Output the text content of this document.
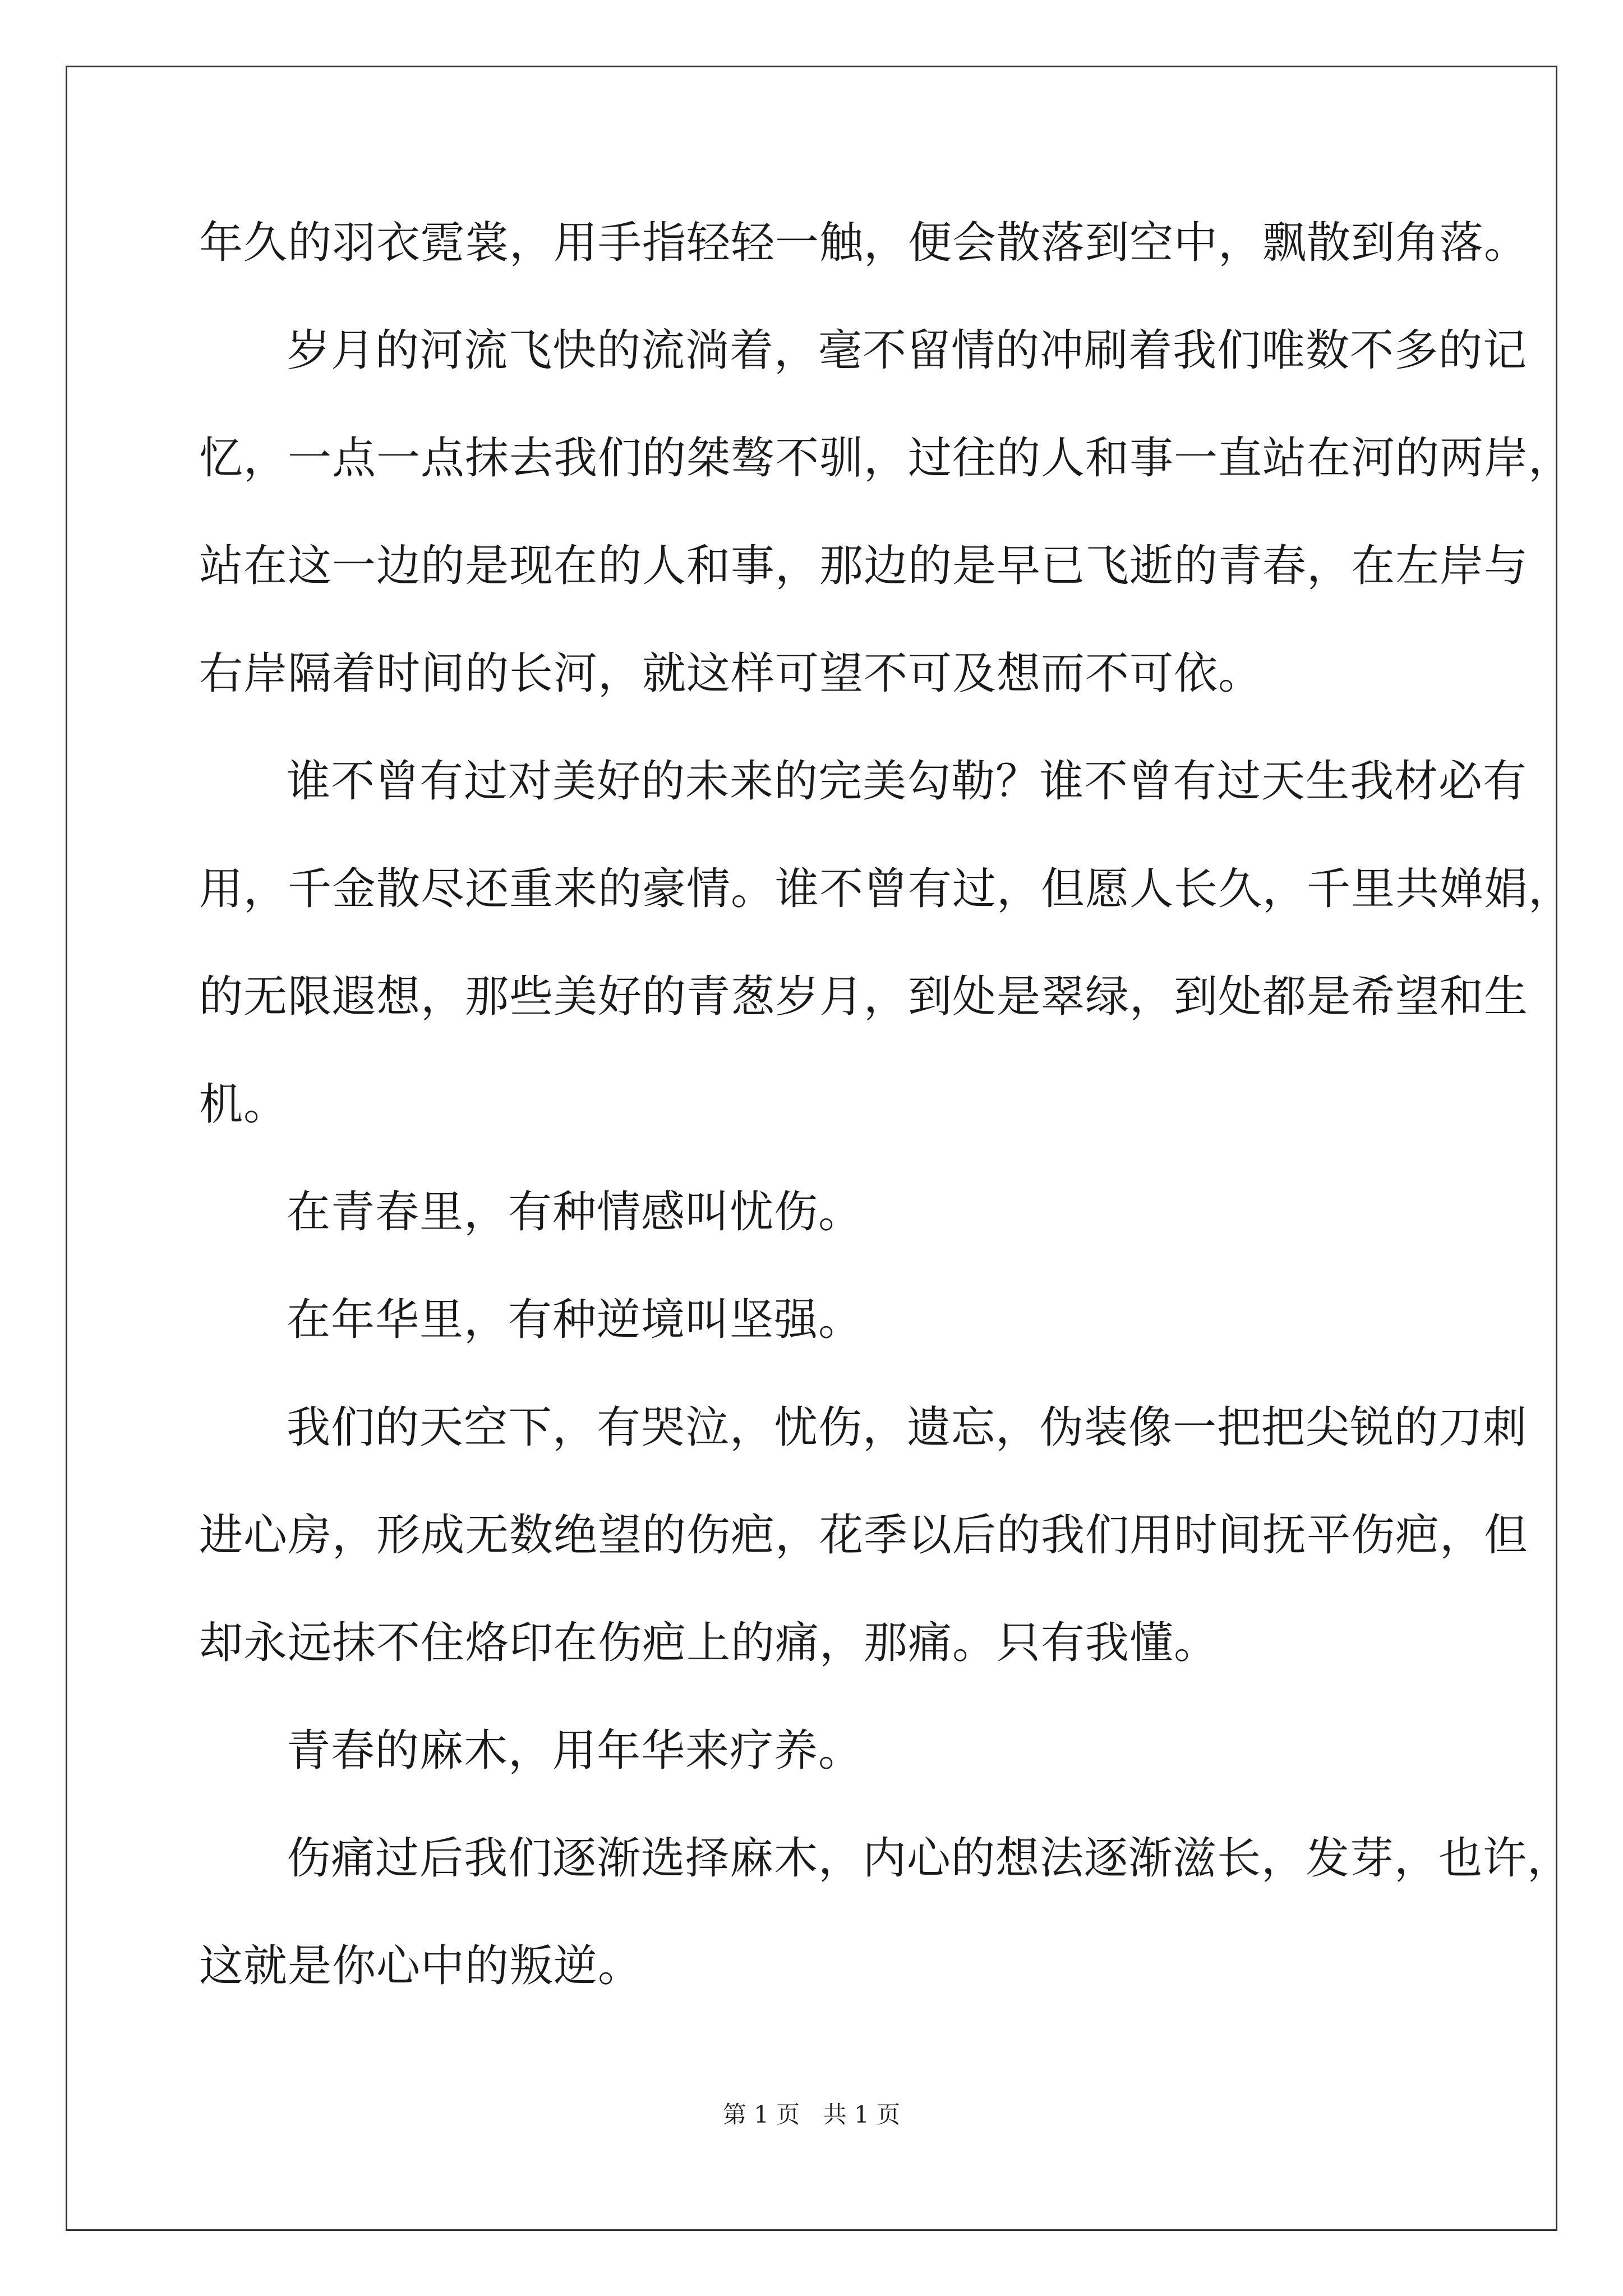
年久的羽衣霓裳，用手指轻轻一触，便会散落到空中，飘散到角落。
岁月的河流飞快的流淌着，毫不留情的冲刷着我们唯数不多的记
忆，一点一点抹去我们的桀骜不驯，过往的人和事一直站在河的两岸，
站在这一边的是现在的人和事，那边的是早已飞逝的青春，在左岸与
右岸隔着时间的长河，就这样可望不可及想而不可依。
谁不曾有过对美好的未来的完美勾勒？谁不曾有过天生我材必有
用，千金散尽还重来的豪情。谁不曾有过，但愿人长久，千里共婵娟，
的无限遐想，那些美好的青葱岁月，到处是翠绿，到处都是希望和生
机。
在青春里，有种情感叫忧伤。
在年华里，有种逆境叫坚强。
我们的天空下，有哭泣，忧伤，遗忘，伪装像一把把尖锐的刀刺
进心房，形成无数绝望的伤疤，花季以后的我们用时间抚平伤疤，但
却永远抹不住烙印在伤疤上的痛，那痛。只有我懂。
青春的麻木，用年华来疗养。
伤痛过后我们逐渐选择麻木，内心的想法逐渐滋长，发芽，也许，
这就是你心中的叛逆。
第 1 页 共 1 页
